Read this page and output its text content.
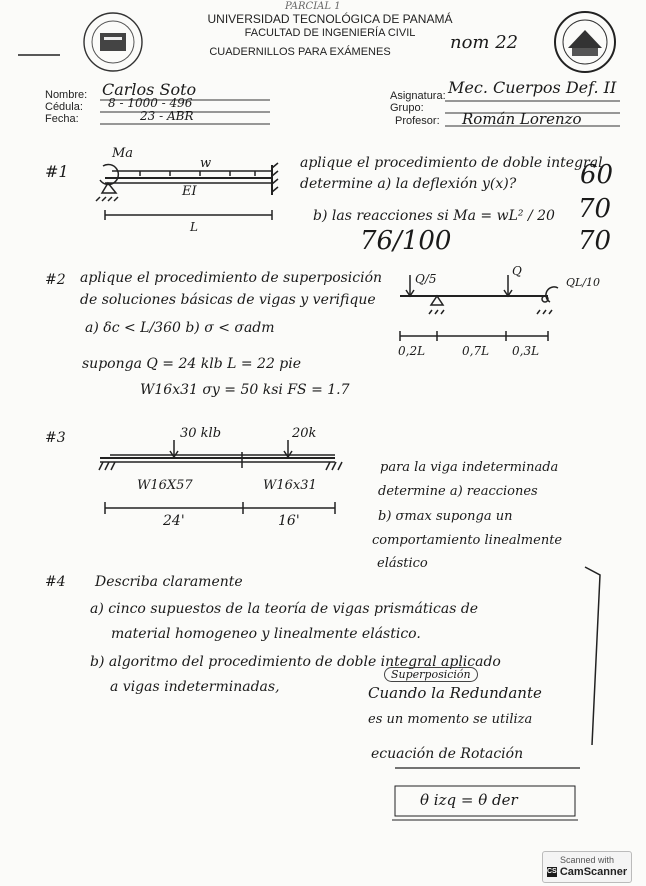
PARCIAL 1
UNIVERSIDAD TECNOLÓGICA DE PANAMÁ
FACULTAD DE INGENIERÍA CIVIL
CUADERNILLOS PARA EXÁMENES	nom 22
Nombre: Carlos Soto
Cédula: 8 - 1000 - 496
Fecha:	23 - ABR
Asignatura: Mec. Cuerpos Def. II
Grupo:
Profesor: Román Lorenzo
#1
Ma
w
EI
L
aplique el procedimiento de doble integral
determine a) la deflexión y(x)?
b) las reacciones si Ma = wL² / 20
60
70
70
76/100
#2 aplique el procedimiento de superposición
de soluciones básicas de vigas y verifique
a) δc < L/360 b) σ < σadm
suponga Q = 24 klb L = 22 pie
W16x31 σy = 50 ksi FS = 1.7
Q/5
Q
QL/10
0,2L	0,7L 0,3L
#3	30 klb	20k
W16X57	W16x31
24'	16'
para la viga indeterminada
determine a) reacciones
b) σmax suponga un
comportamiento linealmente
elástico
#4 Describa claramente
a) cinco supuestos de la teoría de vigas prismáticas de
material homogeneo y linealmente elástico.
b) algoritmo del procedimiento de doble integral aplicado
a vigas indeterminadas,
Superposición
Cuando la Redundante
es un momento se utiliza
ecuación de Rotación
θ izq = θ der
Scanned with
CS CamScanner
